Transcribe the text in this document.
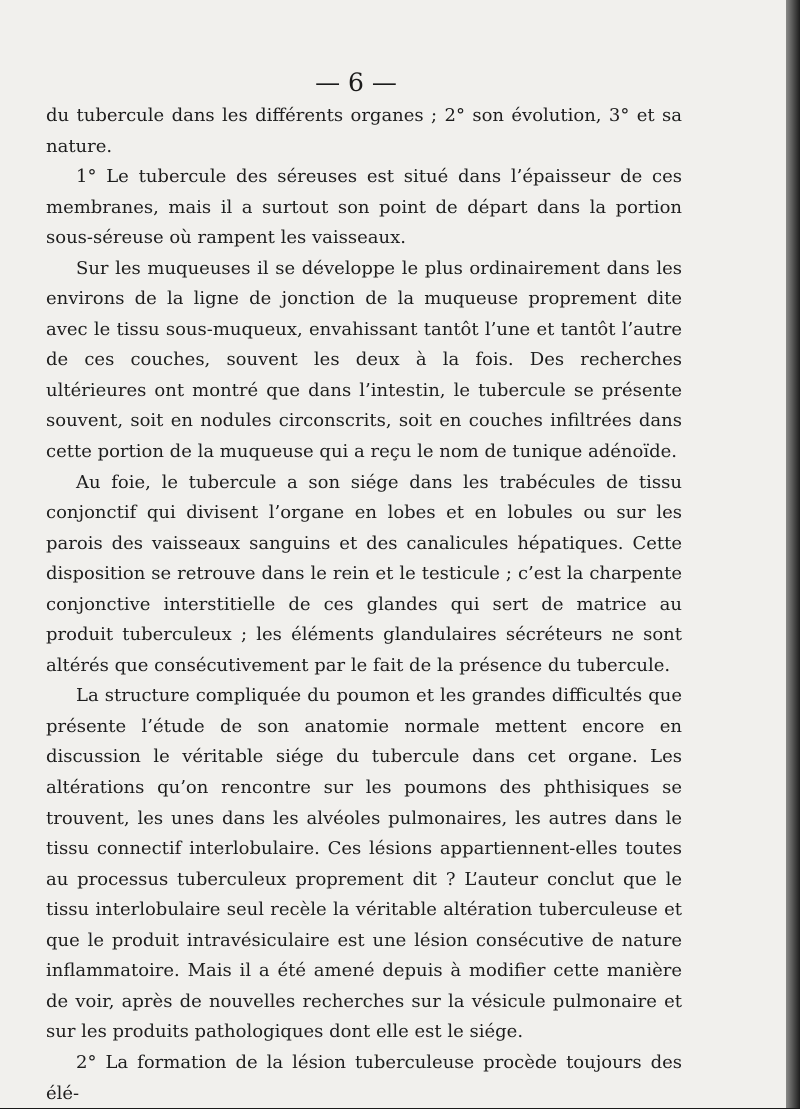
— 6 —

du tubercule dans les différents organes ; 2° son évolution, 3° et sa nature.

1° Le tubercule des séreuses est situé dans l’épaisseur de ces membranes, mais il a surtout son point de départ dans la portion sous-séreuse où rampent les vaisseaux.

Sur les muqueuses il se développe le plus ordinairement dans les environs de la ligne de jonction de la muqueuse proprement dite avec le tissu sous-muqueux, envahissant tantôt l’une et tantôt l’autre de ces couches, souvent les deux à la fois. Des recherches ultérieures ont montré que dans l’intestin, le tubercule se présente souvent, soit en nodules circonscrits, soit en couches infiltrées dans cette portion de la muqueuse qui a reçu le nom de tunique adénoïde.

Au foie, le tubercule a son siége dans les trabécules de tissu conjonctif qui divisent l’organe en lobes et en lobules ou sur les parois des vaisseaux sanguins et des canalicules hépatiques. Cette disposition se retrouve dans le rein et le testicule ; c’est la charpente conjonctive interstitielle de ces glandes qui sert de matrice au produit tuberculeux ; les éléments glandulaires sécréteurs ne sont altérés que consécutivement par le fait de la présence du tubercule.

La structure compliquée du poumon et les grandes difficultés que présente l’étude de son anatomie normale mettent encore en discussion le véritable siége du tubercule dans cet organe. Les altérations qu’on rencontre sur les poumons des phthisiques se trouvent, les unes dans les alvéoles pulmonaires, les autres dans le tissu connectif interlobulaire. Ces lésions appartiennent-elles toutes au processus tuberculeux proprement dit ? L’auteur conclut que le tissu interlobulaire seul recèle la véritable altération tuberculeuse et que le produit intravésiculaire est une lésion consécutive de nature inflammatoire. Mais il a été amené depuis à modifier cette manière de voir, après de nouvelles recherches sur la vésicule pulmonaire et sur les produits pathologiques dont elle est le siége.

2° La formation de la lésion tuberculeuse procède toujours des élé-
